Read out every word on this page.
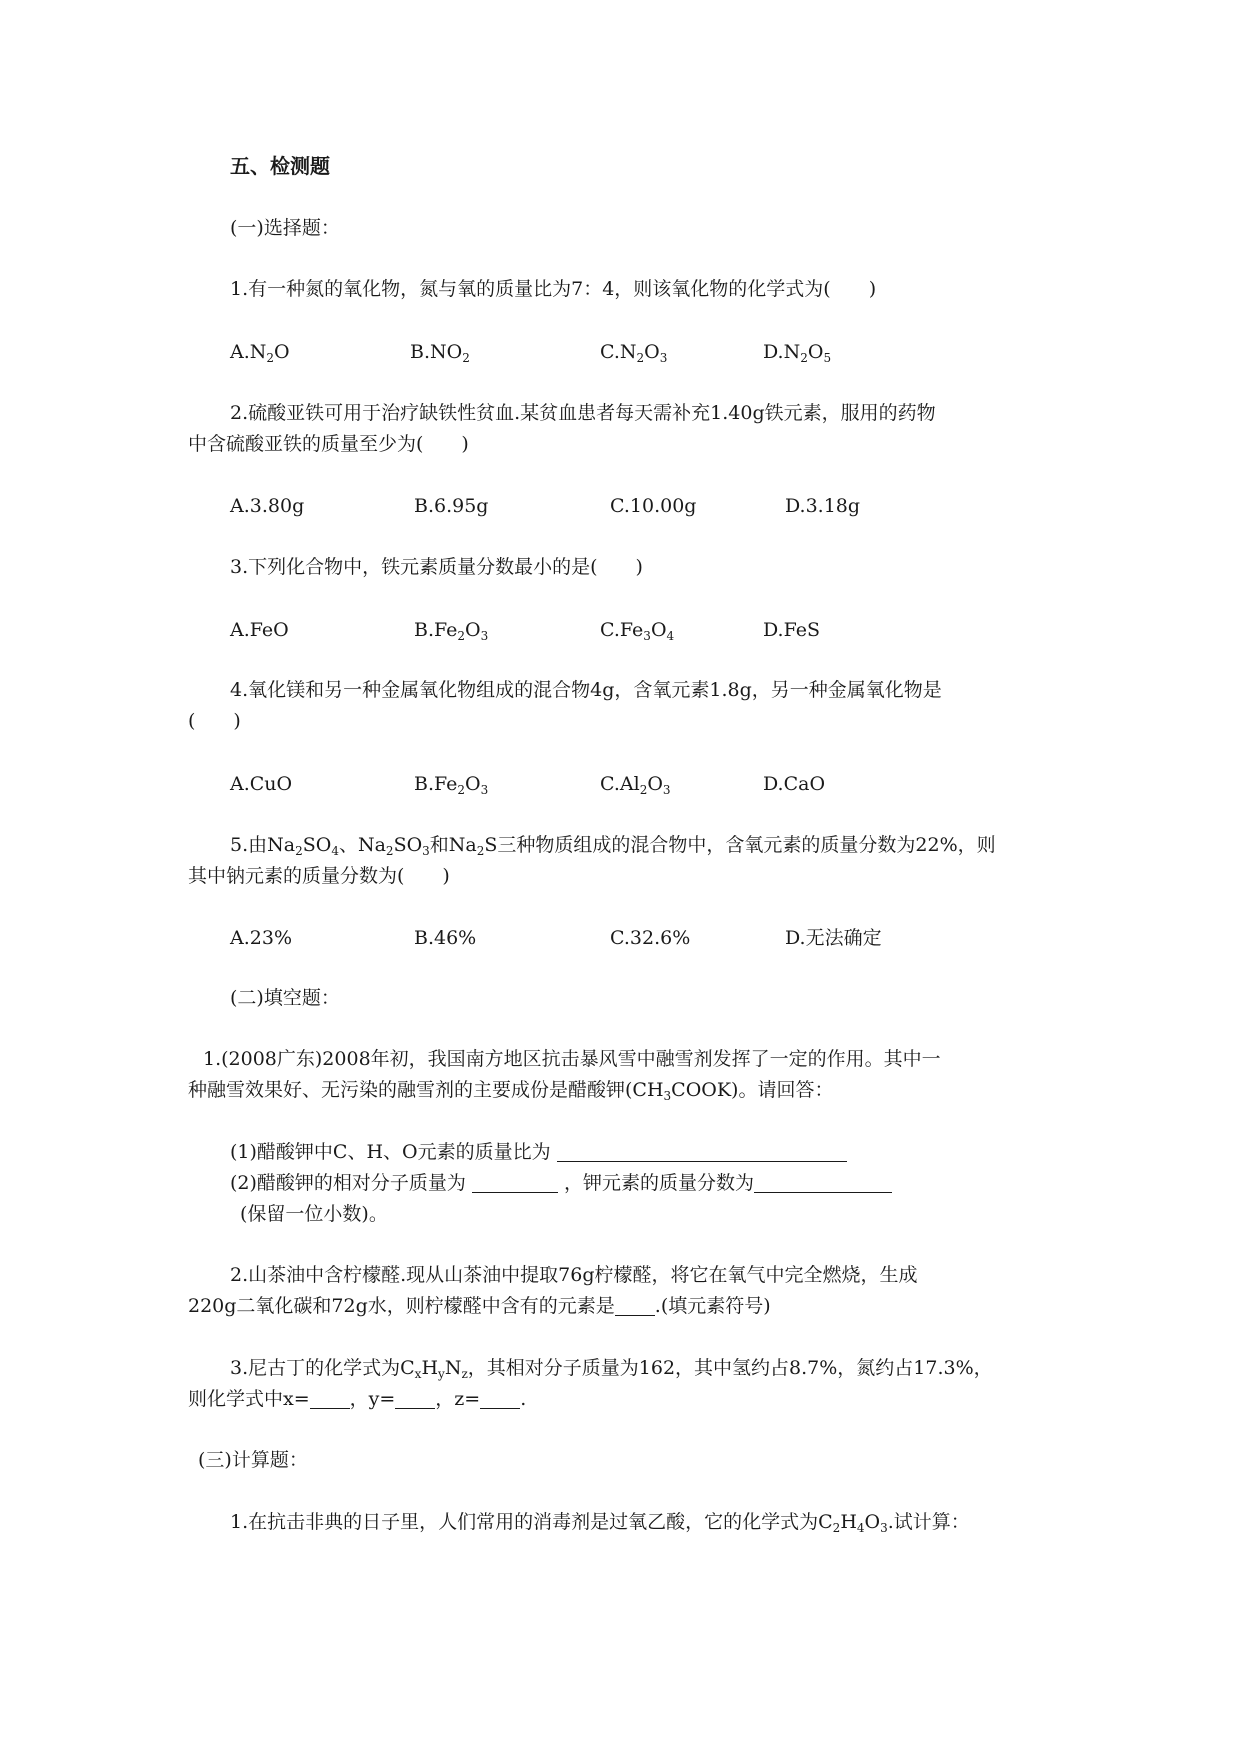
五、检测题
(一)选择题：
1.有一种氮的氧化物，氮与氧的质量比为7：4，则该氧化物的化学式为(　　)
$A.N_2O$	$B.NO_2$	$C.N_2O_3$	$D.N_2O_5$
2.硫酸亚铁可用于治疗缺铁性贫血.某贫血患者每天需补充1.40g铁元素，服用的药物
中含硫酸亚铁的质量至少为(　　)
A.3.80g	B.6.95g	C.10.00g	D.3.18g
3.下列化合物中，铁元素质量分数最小的是(　　)
A.FeO	$B.Fe_2O_3$	$C.Fe_3O_4$	D.FeS
4.氧化镁和另一种金属氧化物组成的混合物4g，含氧元素1.8g，另一种金属氧化物是
(　　)
A.CuO	$B.Fe_2O_3$	$C.Al_2O_3$	D.CaO
5.由$Na_2SO_4$、$Na_2SO_3$和$Na_2S$三种物质组成的混合物中，含氧元素的质量分数为22%，则
其中钠元素的质量分数为(　　)
A.23%	B.46%	C.32.6%	D.无法确定
(二)填空题：
1.(2008广东)2008年初，我国南方地区抗击暴风雪中融雪剂发挥了一定的作用。其中一
种融雪效果好、无污染的融雪剂的主要成份是醋酸钾$(CH_3COOK)$。请回答：
(1)醋酸钾中C、H、O元素的质量比为
(2)醋酸钾的相对分子质量为	，钾元素的质量分数为
(保留一位小数)。
2.山茶油中含柠檬醛.现从山茶油中提取76g柠檬醛，将它在氧气中完全燃烧，生成
220g二氧化碳和72g水，则柠檬醛中含有的元素是 .(填元素符号)
3.尼古丁的化学式为$C_xH_yN_z$，其相对分子质量为162，其中氢约占8.7%，氮约占17.3%，
则化学式中x= ，y= ，z= .
(三)计算题：
1.在抗击非典的日子里，人们常用的消毒剂是过氧乙酸，它的化学式为$C_2H_4O_3$.试计算：
